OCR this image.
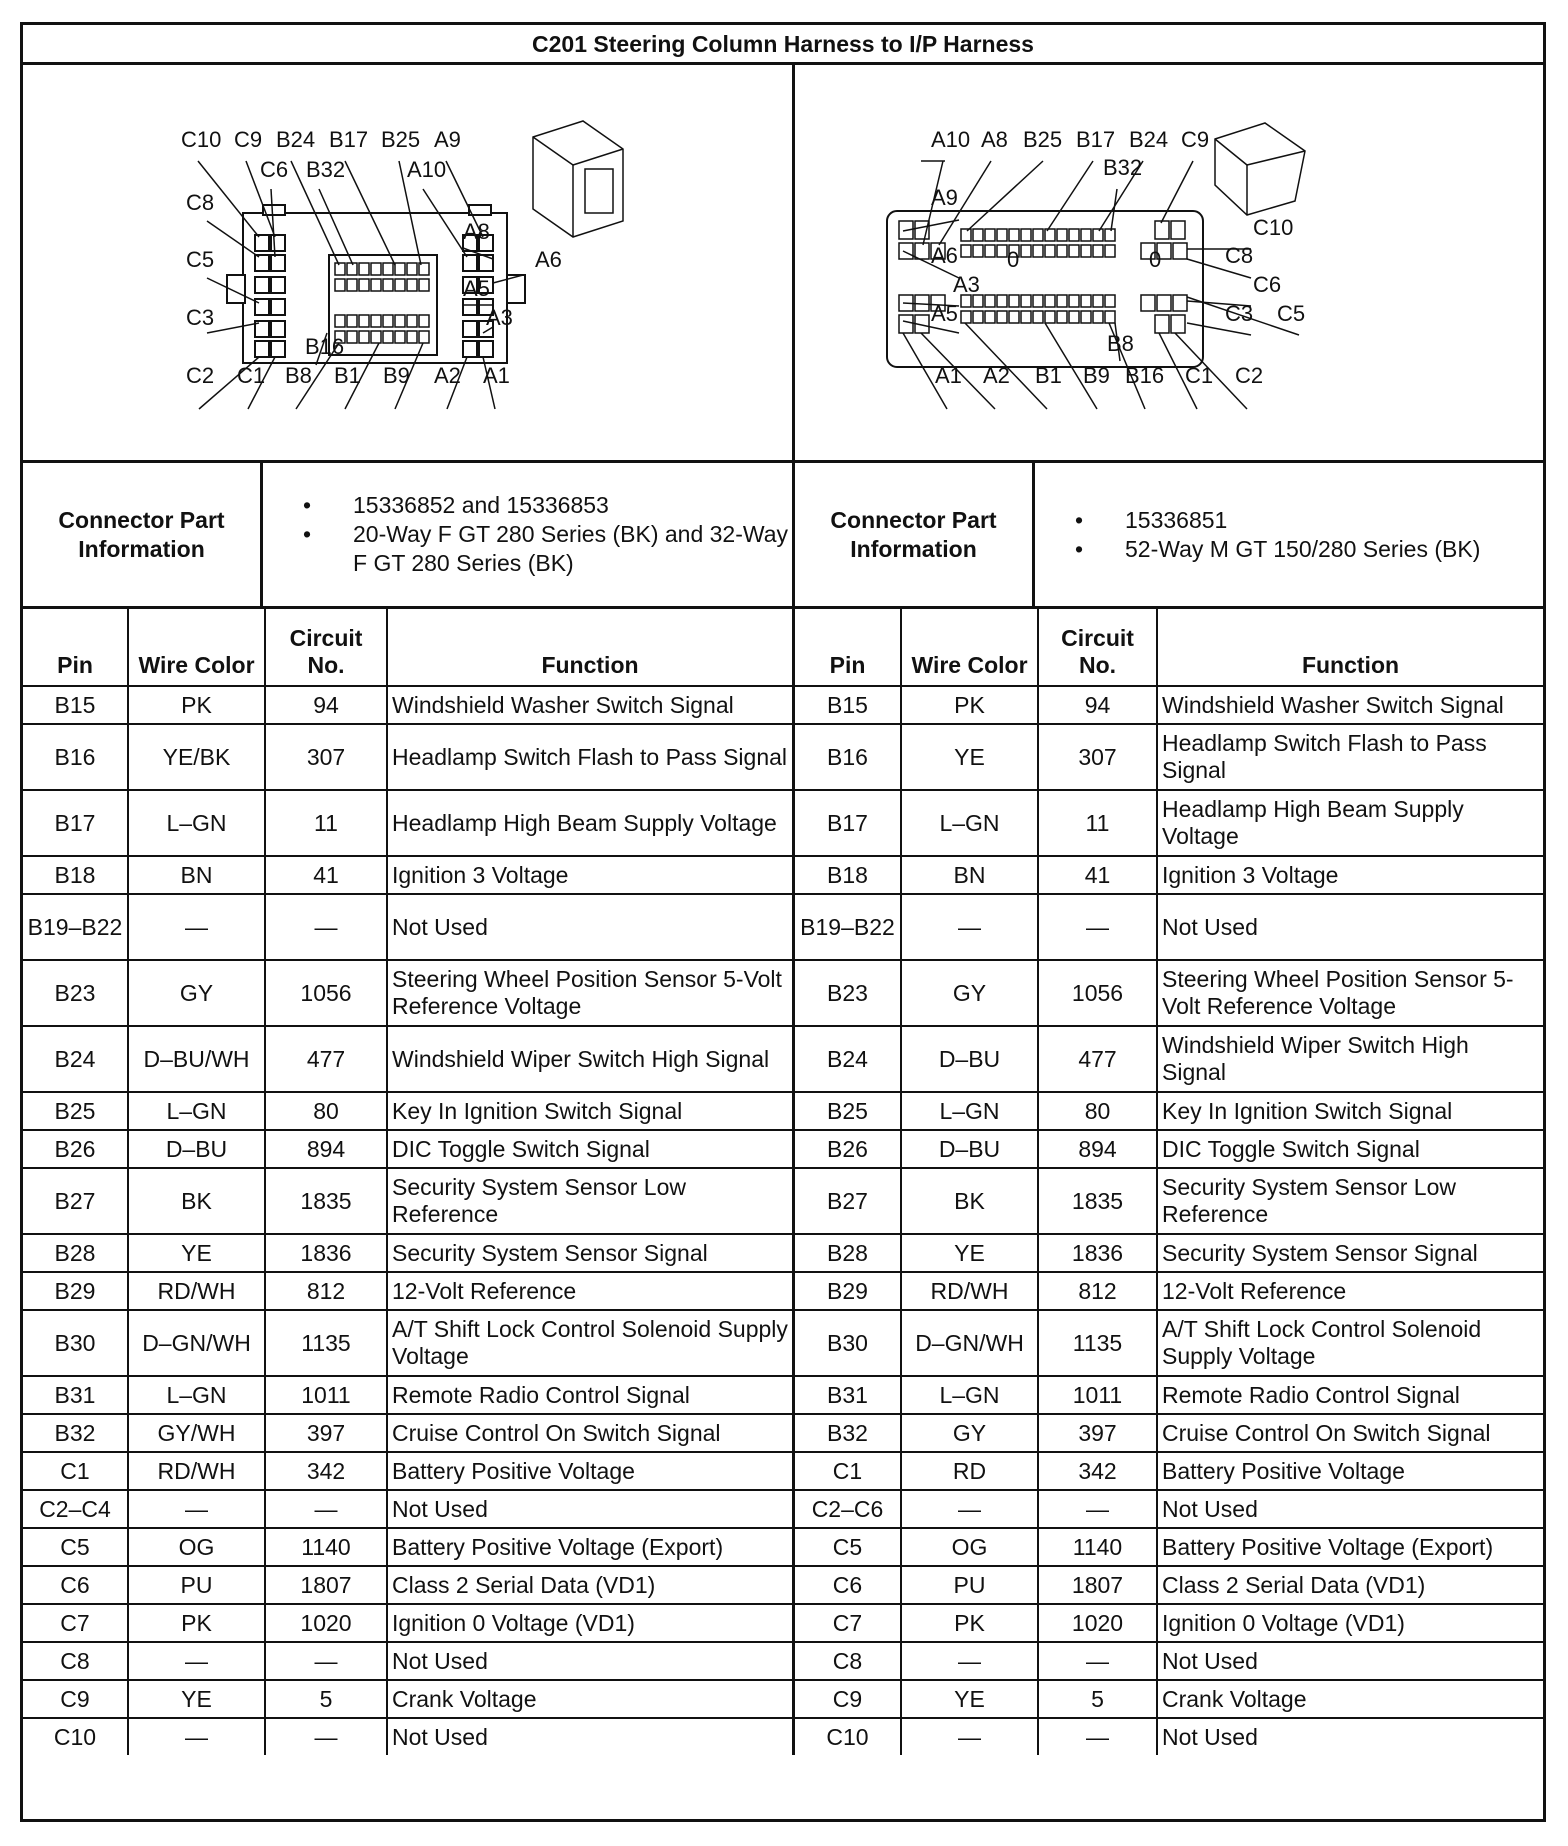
C201 Steering Column Harness to I/P Harness
C10 C9 B24 B17 B25 A9
C6 B32	A10
C8
C5
C3
A8
A6
A5
A3
B16
C2 C1 B8 B1 B9 A2 A1
A10 A8 B25 B17 B24 C9
B32
A9
A6
A3
A5
C10
C8
C6
C3 C5
0	0
B8
A1 A2 B1 B9 B16 C1 C2
Connector Part Information
• 15336852 and 15336853
• 20-Way F GT 280 Series (BK) and 32-Way F GT 280 Series (BK)
Connector Part Information
• 15336851
• 52-Way M GT 150/280 Series (BK)
Pin	Wire Color	Circuit No.	Function
B15	PK	94	Windshield Washer Switch Signal
B16	YE/BK	307	Headlamp Switch Flash to Pass Signal
B17	L–GN	11	Headlamp High Beam Supply Voltage
B18	BN	41	Ignition 3 Voltage
B19–B22	—	—	Not Used
B23	GY	1056	Steering Wheel Position Sensor 5-Volt Reference Voltage
B24	D–BU/WH	477	Windshield Wiper Switch High Signal
B25	L–GN	80	Key In Ignition Switch Signal
B26	D–BU	894	DIC Toggle Switch Signal
B27	BK	1835	Security System Sensor Low Reference
B28	YE	1836	Security System Sensor Signal
B29	RD/WH	812	12-Volt Reference
B30	D–GN/WH	1135	A/T Shift Lock Control Solenoid Supply Voltage
B31	L–GN	1011	Remote Radio Control Signal
B32	GY/WH	397	Cruise Control On Switch Signal
C1	RD/WH	342	Battery Positive Voltage
C2–C4	—	—	Not Used
C5	OG	1140	Battery Positive Voltage (Export)
C6	PU	1807	Class 2 Serial Data (VD1)
C7	PK	1020	Ignition 0 Voltage (VD1)
C8	—	—	Not Used
C9	YE	5	Crank Voltage
C10	—	—	Not Used
Pin	Wire Color	Circuit No.	Function
B15	PK	94	Windshield Washer Switch Signal
B16	YE	307	Headlamp Switch Flash to Pass Signal
B17	L–GN	11	Headlamp High Beam Supply Voltage
B18	BN	41	Ignition 3 Voltage
B19–B22	—	—	Not Used
B23	GY	1056	Steering Wheel Position Sensor 5-Volt Reference Voltage
B24	D–BU	477	Windshield Wiper Switch High Signal
B25	L–GN	80	Key In Ignition Switch Signal
B26	D–BU	894	DIC Toggle Switch Signal
B27	BK	1835	Security System Sensor Low Reference
B28	YE	1836	Security System Sensor Signal
B29	RD/WH	812	12-Volt Reference
B30	D–GN/WH	1135	A/T Shift Lock Control Solenoid Supply Voltage
B31	L–GN	1011	Remote Radio Control Signal
B32	GY	397	Cruise Control On Switch Signal
C1	RD	342	Battery Positive Voltage
C2–C6	—	—	Not Used
C5	OG	1140	Battery Positive Voltage (Export)
C6	PU	1807	Class 2 Serial Data (VD1)
C7	PK	1020	Ignition 0 Voltage (VD1)
C8	—	—	Not Used
C9	YE	5	Crank Voltage
C10	—	—	Not Used
